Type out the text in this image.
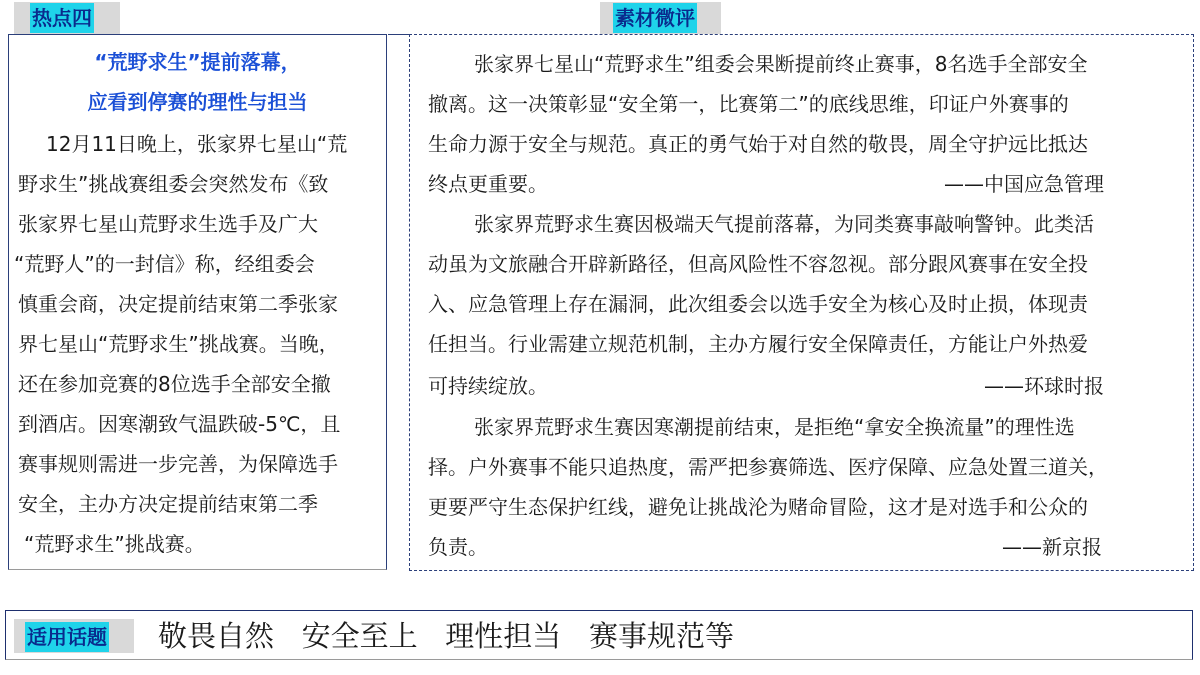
热点四	素材微评
“荒野求生”提前落幕，
应看到停赛的理性与担当
12月11日晚上，张家界七星山“荒
野求生”挑战赛组委会突然发布《致
张家界七星山荒野求生选手及广大
“荒野人”的一封信》称，经组委会
慎重会商，决定提前结束第二季张家
界七星山“荒野求生”挑战赛。当晚，
还在参加竞赛的8位选手全部安全撤
到酒店。因寒潮致气温跌破-5℃，且
赛事规则需进一步完善，为保障选手
安全，主办方决定提前结束第二季
“荒野求生”挑战赛。
张家界七星山“荒野求生”组委会果断提前终止赛事，8名选手全部安全
撤离。这一决策彰显“安全第一，比赛第二”的底线思维，印证户外赛事的
生命力源于安全与规范。真正的勇气始于对自然的敬畏，周全守护远比抵达
终点更重要。	——中国应急管理
张家界荒野求生赛因极端天气提前落幕，为同类赛事敲响警钟。此类活
动虽为文旅融合开辟新路径，但高风险性不容忽视。部分跟风赛事在安全投
入、应急管理上存在漏洞，此次组委会以选手安全为核心及时止损，体现责
任担当。行业需建立规范机制，主办方履行安全保障责任，方能让户外热爱
可持续绽放。	——环球时报
张家界荒野求生赛因寒潮提前结束，是拒绝“拿安全换流量”的理性选
择。户外赛事不能只追热度，需严把参赛筛选、医疗保障、应急处置三道关，
更要严守生态保护红线，避免让挑战沦为赌命冒险，这才是对选手和公众的
负责。	——新京报
适用话题 敬畏自然   安全至上   理性担当   赛事规范等
